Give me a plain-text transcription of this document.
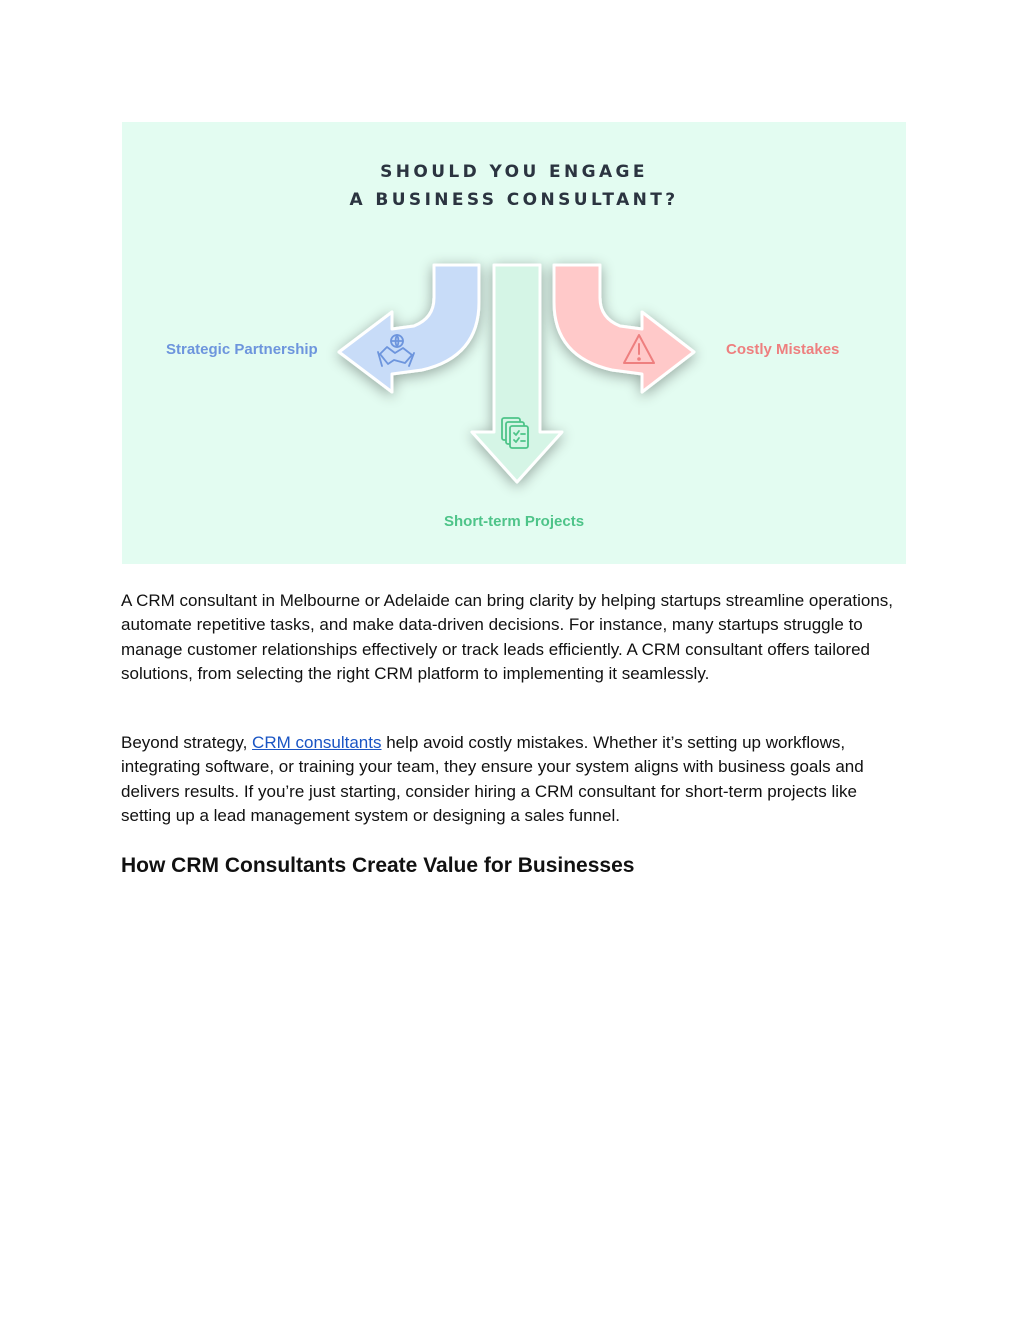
SHOULD YOU ENGAGE
A BUSINESS CONSULTANT?
Strategic Partnership	Costly Mistakes
Short-term Projects

A CRM consultant in Melbourne or Adelaide can bring clarity by helping startups streamline operations, automate repetitive tasks, and make data-driven decisions. For instance, many startups struggle to manage customer relationships effectively or track leads efficiently. A CRM consultant offers tailored solutions, from selecting the right CRM platform to implementing it seamlessly.

Beyond strategy, CRM consultants help avoid costly mistakes. Whether it’s setting up workflows, integrating software, or training your team, they ensure your system aligns with business goals and delivers results. If you’re just starting, consider hiring a CRM consultant for short-term projects like setting up a lead management system or designing a sales funnel.

How CRM Consultants Create Value for Businesses
